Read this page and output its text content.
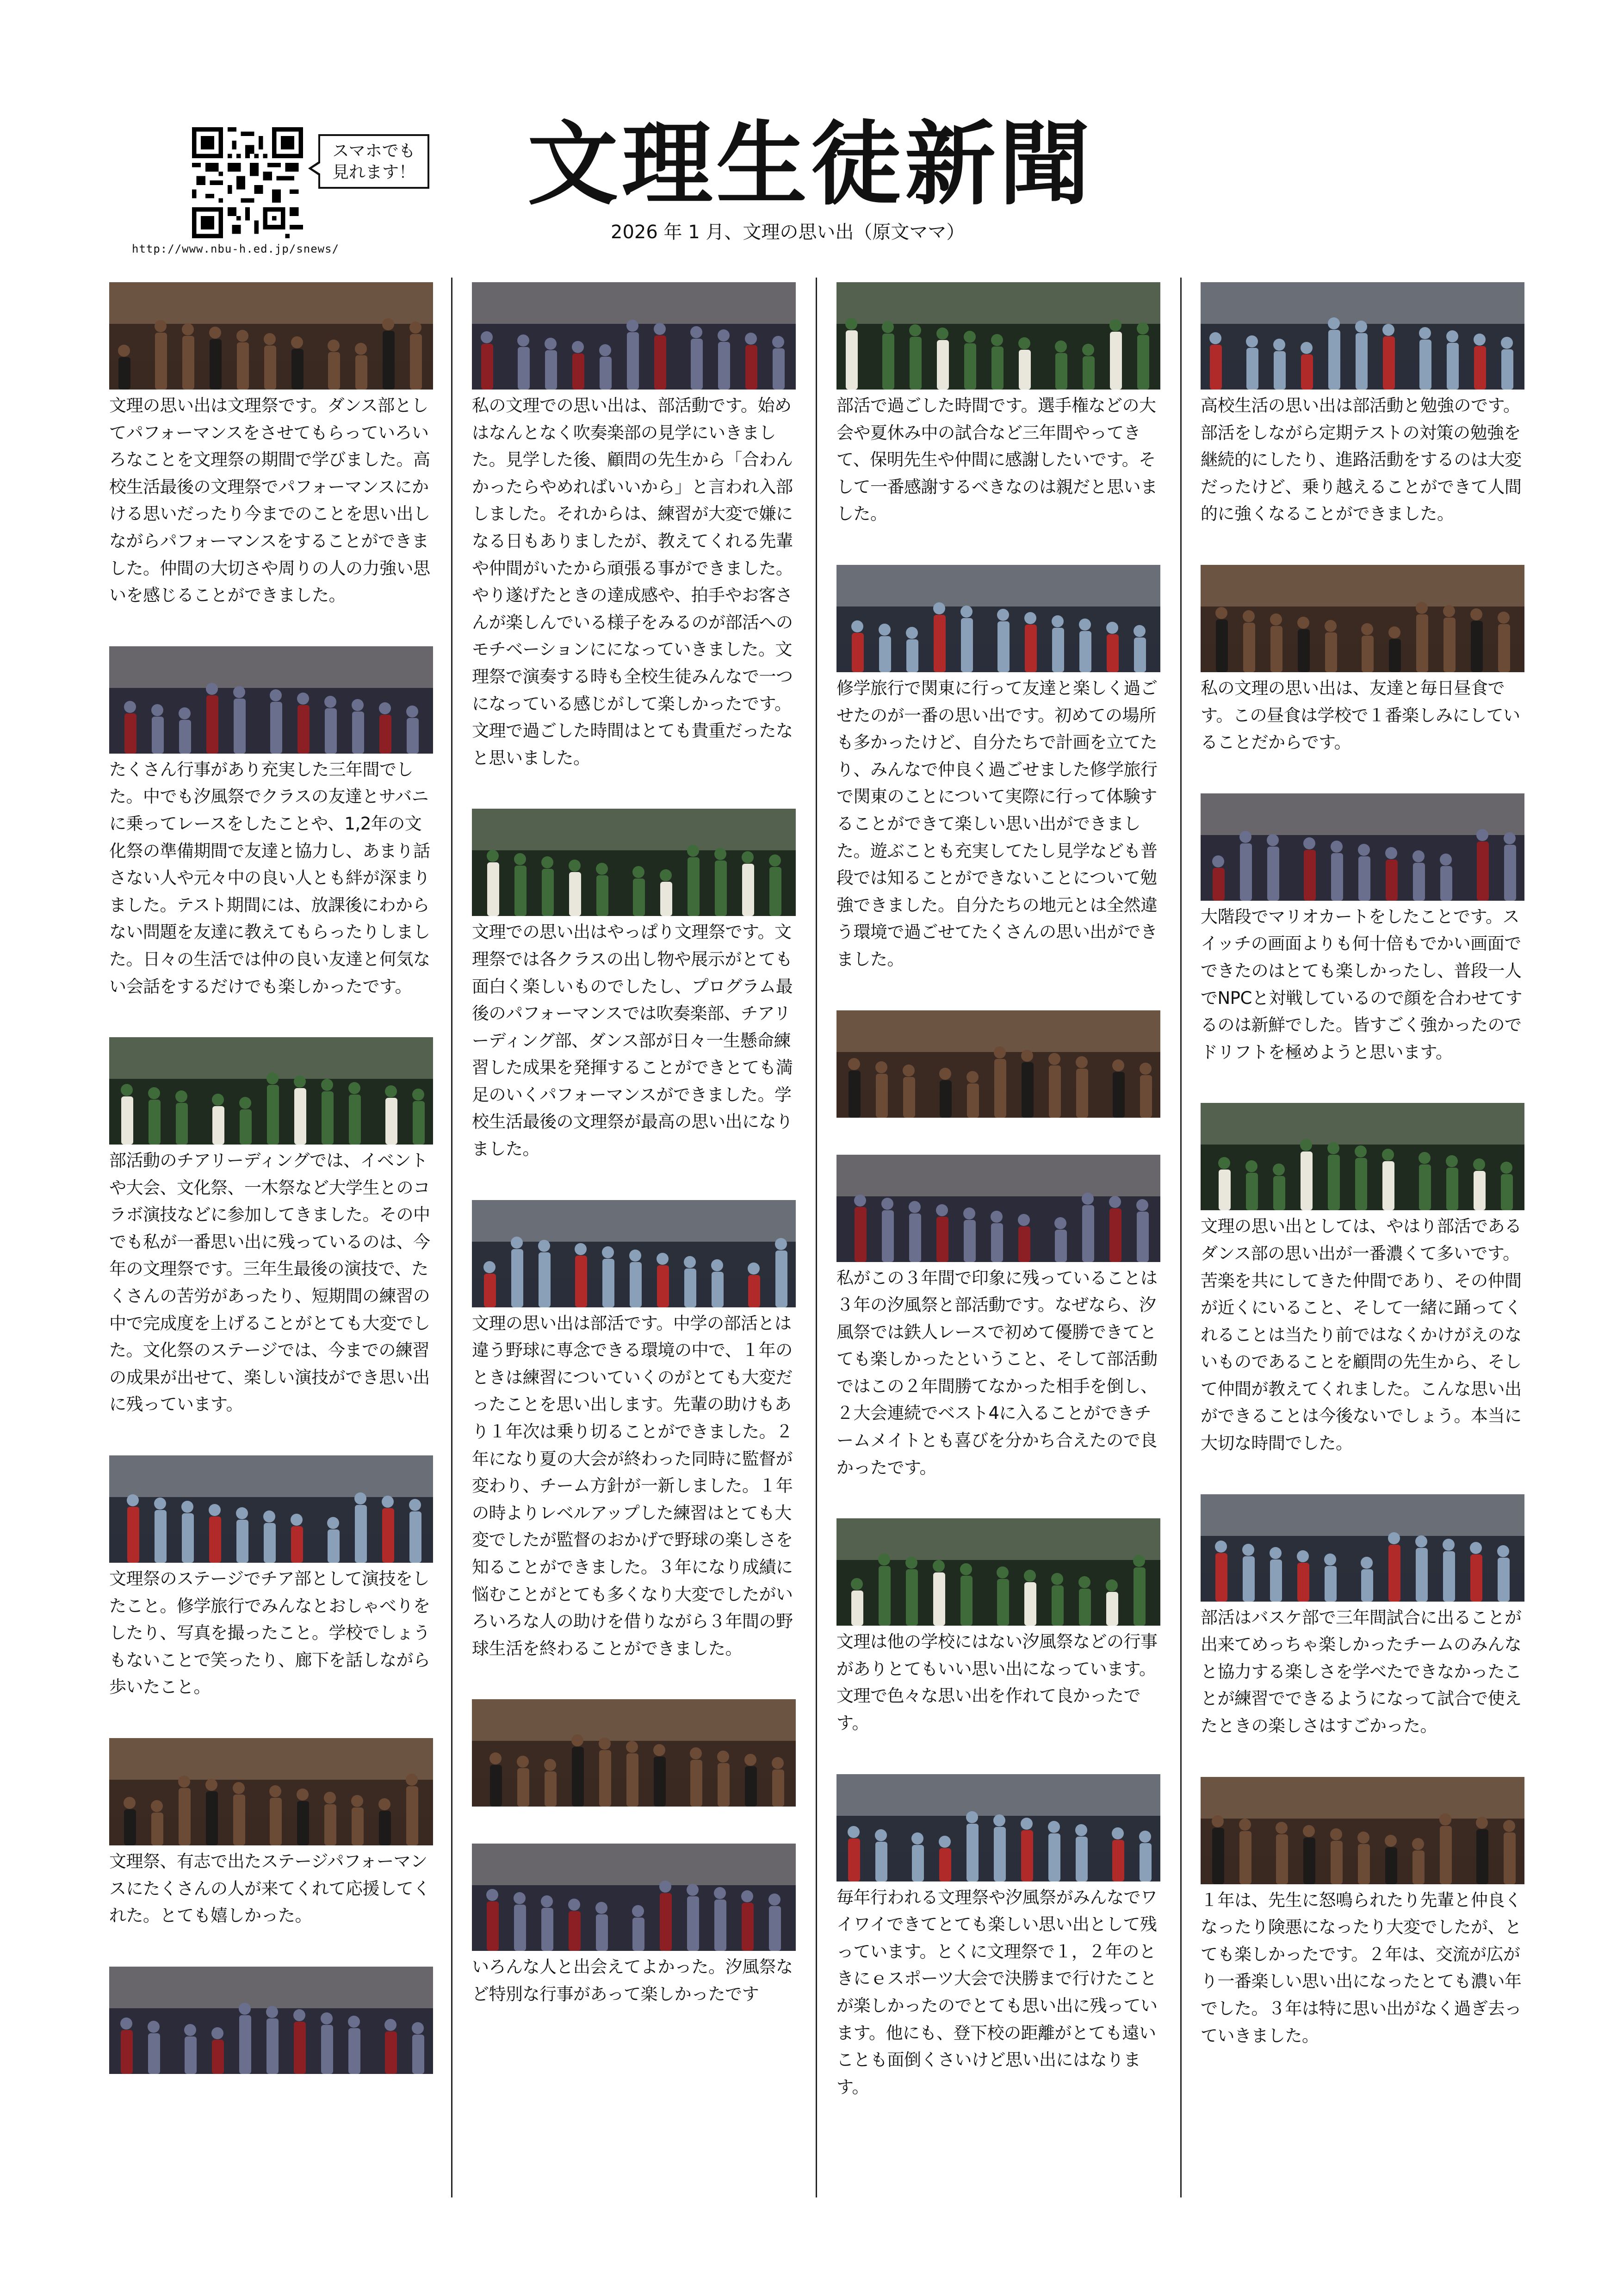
スマホでも
見れます！
http://www.nbu-h.ed.jp/snews/
文理生徒新聞
2026 年 1 月、文理の思い出（原文ママ）
文理の思い出は文理祭です。ダンス部としてパフォーマンスをさせてもらっていろいろなことを文理祭の期間で学びました。高校生活最後の文理祭でパフォーマンスにかける思いだったり今までのことを思い出しながらパフォーマンスをすることができました。仲間の大切さや周りの人の力強い思いを感じることができました。
たくさん行事があり充実した三年間でした。中でも汐風祭でクラスの友達とサバニに乗ってレースをしたことや、1,2年の文化祭の準備期間で友達と協力し、あまり話さない人や元々中の良い人とも絆が深まりました。テスト期間には、放課後にわからない問題を友達に教えてもらったりしました。日々の生活では仲の良い友達と何気ない会話をするだけでも楽しかったです。
部活動のチアリーディングでは、イベントや大会、文化祭、一木祭など大学生とのコラボ演技などに参加してきました。その中でも私が一番思い出に残っているのは、今年の文理祭です。三年生最後の演技で、たくさんの苦労があったり、短期間の練習の中で完成度を上げることがとても大変でした。文化祭のステージでは、今までの練習の成果が出せて、楽しい演技ができ思い出に残っています。
文理祭のステージでチア部として演技をしたこと。修学旅行でみんなとおしゃべりをしたり、写真を撮ったこと。学校でしょうもないことで笑ったり、廊下を話しながら歩いたこと。
文理祭、有志で出たステージパフォーマンスにたくさんの人が来てくれて応援してくれた。とても嬉しかった。
私の文理での思い出は、部活動です。始めはなんとなく吹奏楽部の見学にいきました。見学した後、顧問の先生から「合わんかったらやめればいいから」と言われ入部しました。それからは、練習が大変で嫌になる日もありましたが、教えてくれる先輩や仲間がいたから頑張る事ができました。やり遂げたときの達成感や、拍手やお客さんが楽しんでいる様子をみるのが部活へのモチベーションにになっていきました。文理祭で演奏する時も全校生徒みんなで一つになっている感じがして楽しかったです。文理で過ごした時間はとても貴重だったなと思いました。
文理での思い出はやっぱり文理祭です。文理祭では各クラスの出し物や展示がとても面白く楽しいものでしたし、プログラム最後のパフォーマンスでは吹奏楽部、チアリーディング部、ダンス部が日々一生懸命練習した成果を発揮することができとても満足のいくパフォーマンスができました。学校生活最後の文理祭が最高の思い出になりました。
文理の思い出は部活です。中学の部活とは違う野球に専念できる環境の中で、１年のときは練習についていくのがとても大変だったことを思い出します。先輩の助けもあり１年次は乗り切ることができました。２年になり夏の大会が終わった同時に監督が変わり、チーム方針が一新しました。１年の時よりレベルアップした練習はとても大変でしたが監督のおかげで野球の楽しさを知ることができました。３年になり成績に悩むことがとても多くなり大変でしたがいろいろな人の助けを借りながら３年間の野球生活を終わることができました。
いろんな人と出会えてよかった。汐風祭など特別な行事があって楽しかったです
部活で過ごした時間です。選手権などの大会や夏休み中の試合など三年間やってきて、保明先生や仲間に感謝したいです。そして一番感謝するべきなのは親だと思いました。
修学旅行で関東に行って友達と楽しく過ごせたのが一番の思い出です。初めての場所も多かったけど、自分たちで計画を立てたり、みんなで仲良く過ごせました修学旅行で関東のことについて実際に行って体験することができて楽しい思い出ができました。遊ぶことも充実してたし見学なども普段では知ることができないことについて勉強できました。自分たちの地元とは全然違う環境で過ごせてたくさんの思い出ができました。
私がこの３年間で印象に残っていることは３年の汐風祭と部活動です。なぜなら、汐風祭では鉄人レースで初めて優勝できてとても楽しかったということ、そして部活動ではこの２年間勝てなかった相手を倒し、２大会連続でベスト4に入ることができチームメイトとも喜びを分かち合えたので良かったです。
文理は他の学校にはない汐風祭などの行事がありとてもいい思い出になっています。文理で色々な思い出を作れて良かったです。
毎年行われる文理祭や汐風祭がみんなでワイワイできてとても楽しい思い出として残っています。とくに文理祭で１，２年のときにｅスポーツ大会で決勝まで行けたことが楽しかったのでとても思い出に残っています。他にも、登下校の距離がとても遠いことも面倒くさいけど思い出にはなります。
高校生活の思い出は部活動と勉強のです。部活をしながら定期テストの対策の勉強を継続的にしたり、進路活動をするのは大変だったけど、乗り越えることができて人間的に強くなることができました。
私の文理の思い出は、友達と毎日昼食です。この昼食は学校で１番楽しみにしていることだからです。
大階段でマリオカートをしたことです。スイッチの画面よりも何十倍もでかい画面でできたのはとても楽しかったし、普段一人でNPCと対戦しているので顔を合わせてするのは新鮮でした。皆すごく強かったのでドリフトを極めようと思います。
文理の思い出としては、やはり部活であるダンス部の思い出が一番濃くて多いです。苦楽を共にしてきた仲間であり、その仲間が近くにいること、そして一緒に踊ってくれることは当たり前ではなくかけがえのないものであることを顧問の先生から、そして仲間が教えてくれました。こんな思い出ができることは今後ないでしょう。本当に大切な時間でした。
部活はバスケ部で三年間試合に出ることが出来てめっちゃ楽しかったチームのみんなと協力する楽しさを学べたできなかったことが練習でできるようになって試合で使えたときの楽しさはすごかった。
１年は、先生に怒鳴られたり先輩と仲良くなったり険悪になったり大変でしたが、とても楽しかったです。２年は、交流が広がり一番楽しい思い出になったとても濃い年でした。３年は特に思い出がなく過ぎ去っていきました。
